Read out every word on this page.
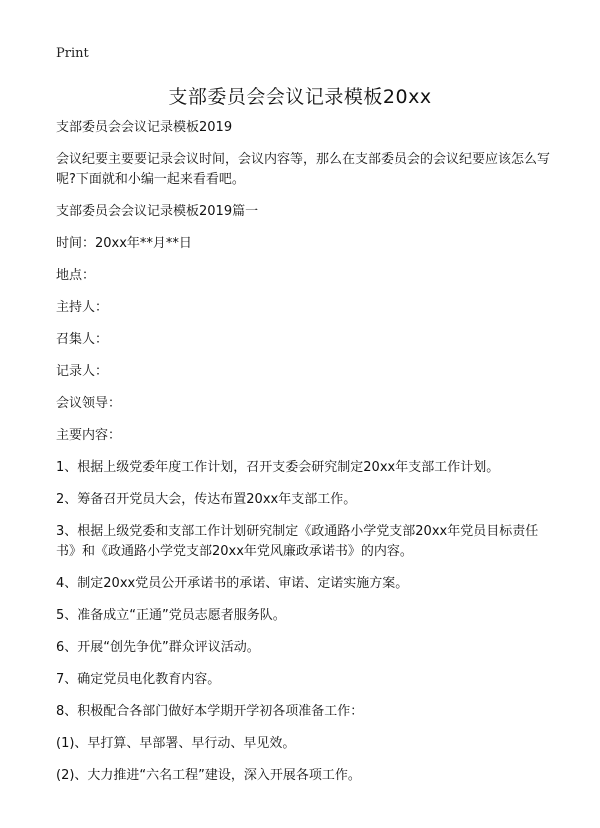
Print
支部委员会会议记录模板20xx

支部委员会会议记录模板2019

会议纪要主要要记录会议时间，会议内容等，那么在支部委员会的会议纪要应该怎么写呢?下面就和小编一起来看看吧。

支部委员会会议记录模板2019篇一

时间：20xx年**月**日

地点：

主持人：

召集人：

记录人：

会议领导：

主要内容：

1、根据上级党委年度工作计划，召开支委会研究制定20xx年支部工作计划。

2、筹备召开党员大会，传达布置20xx年支部工作。

3、根据上级党委和支部工作计划研究制定《政通路小学党支部20xx年党员目标责任书》和《政通路小学党支部20xx年党风廉政承诺书》的内容。

4、制定20xx党员公开承诺书的承诺、审诺、定诺实施方案。

5、准备成立“正通”党员志愿者服务队。

6、开展“创先争优”群众评议活动。

7、确定党员电化教育内容。

8、积极配合各部门做好本学期开学初各项准备工作：

(1)、早打算、早部署、早行动、早见效。

(2)、大力推进“六名工程”建设，深入开展各项工作。
